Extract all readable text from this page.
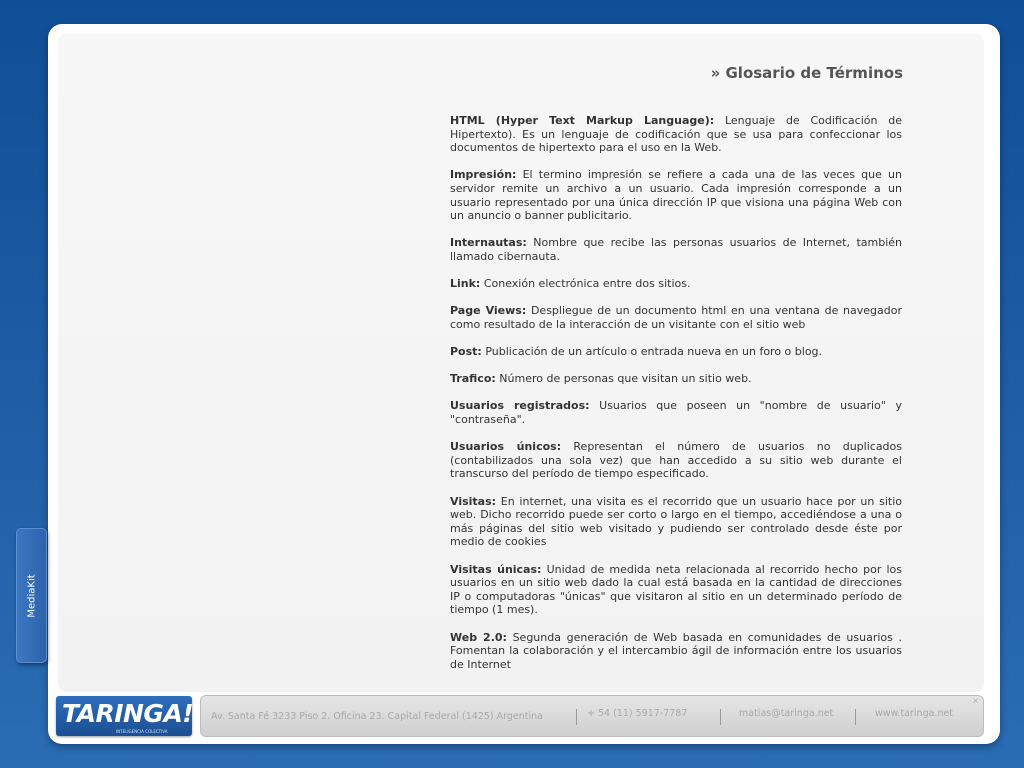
» Glosario de Términos

HTML (Hyper Text Markup Language): Lenguaje de Codificación de Hipertexto). Es un lenguaje de codificación que se usa para confeccionar los documentos de hipertexto para el uso en la Web.

Impresión: El termino impresión se refiere a cada una de las veces que un servidor remite un archivo a un usuario. Cada impresión corresponde a un usuario representado por una única dirección IP que visiona una página Web con un anuncio o banner publicitario.

Internautas: Nombre que recibe las personas usuarios de Internet, también llamado cibernauta.

Link: Conexión electrónica entre dos sitios.

Page Views: Despliegue de un documento html en una ventana de navegador como resultado de la interacción de un visitante con el sitio web

Post: Publicación de un artículo o entrada nueva en un foro o blog.

Trafico: Número de personas que visitan un sitio web.

Usuarios registrados: Usuarios que poseen un "nombre de usuario" y "contraseña".

Usuarios únicos: Representan el número de usuarios no duplicados (contabilizados una sola vez) que han accedido a su sitio web durante el transcurso del período de tiempo especificado.

Visitas: En internet, una visita es el recorrido que un usuario hace por un sitio web. Dicho recorrido puede ser corto o largo en el tiempo, accediéndose a una o más páginas del sitio web visitado y pudiendo ser controlado desde éste por medio de cookies

Visitas únicas: Unidad de medida neta relacionada al recorrido hecho por los usuarios en un sitio web dado la cual está basada en la cantidad de direcciones IP o computadoras "únicas" que visitaron al sitio en un determinado período de tiempo (1 mes).

Web 2.0: Segunda generación de Web basada en comunidades de usuarios . Fomentan la colaboración y el intercambio ágil de información entre los usuarios de Internet

TARINGA!
INTELIGENCIA COLECTIVA
Av. Santa Fé 3233 Piso 2. Oficina 23. Capital Federal (1425) Argentina	+ 54 (11) 5917-7787	matias@taringa.net	www.taringa.net
×
MediaKit
